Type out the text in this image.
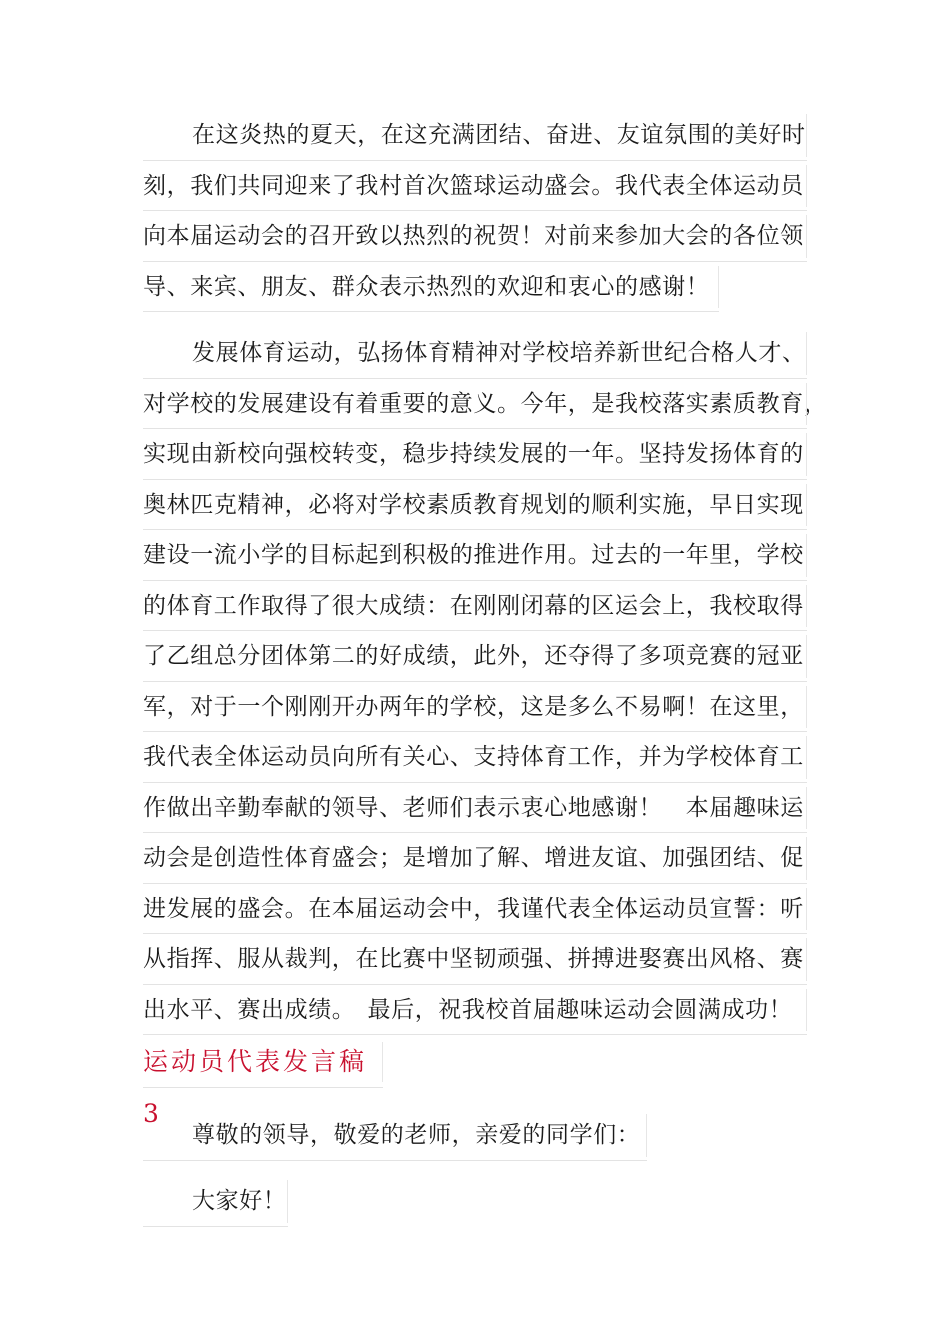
在这炎热的夏天，在这充满团结、奋进、友谊氛围的美好时
刻，我们共同迎来了我村首次篮球运动盛会。我代表全体运动员
向本届运动会的召开致以热烈的祝贺！对前来参加大会的各位领
导、来宾、朋友、群众表示热烈的欢迎和衷心的感谢！
发展体育运动，弘扬体育精神对学校培养新世纪合格人才、
对学校的发展建设有着重要的意义。今年，是我校落实素质教育，
实现由新校向强校转变，稳步持续发展的一年。坚持发扬体育的
奥林匹克精神，必将对学校素质教育规划的顺利实施，早日实现
建设一流小学的目标起到积极的推进作用。过去的一年里，学校
的体育工作取得了很大成绩：在刚刚闭幕的区运会上，我校取得
了乙组总分团体第二的好成绩，此外，还夺得了多项竞赛的冠亚
军，对于一个刚刚开办两年的学校，这是多么不易啊！在这里，
我代表全体运动员向所有关心、支持体育工作，并为学校体育工
作做出辛勤奉献的领导、老师们表示衷心地感谢！　本届趣味运
动会是创造性体育盛会；是增加了解、增进友谊、加强团结、促
进发展的盛会。在本届运动会中，我谨代表全体运动员宣誓：听
从指挥、服从裁判，在比赛中坚韧顽强、拼搏进娶赛出风格、赛
出水平、赛出成绩。　最后，祝我校首届趣味运动会圆满成功！
运动员代表发言稿 3
尊敬的领导，敬爱的老师，亲爱的同学们：
大家好！
